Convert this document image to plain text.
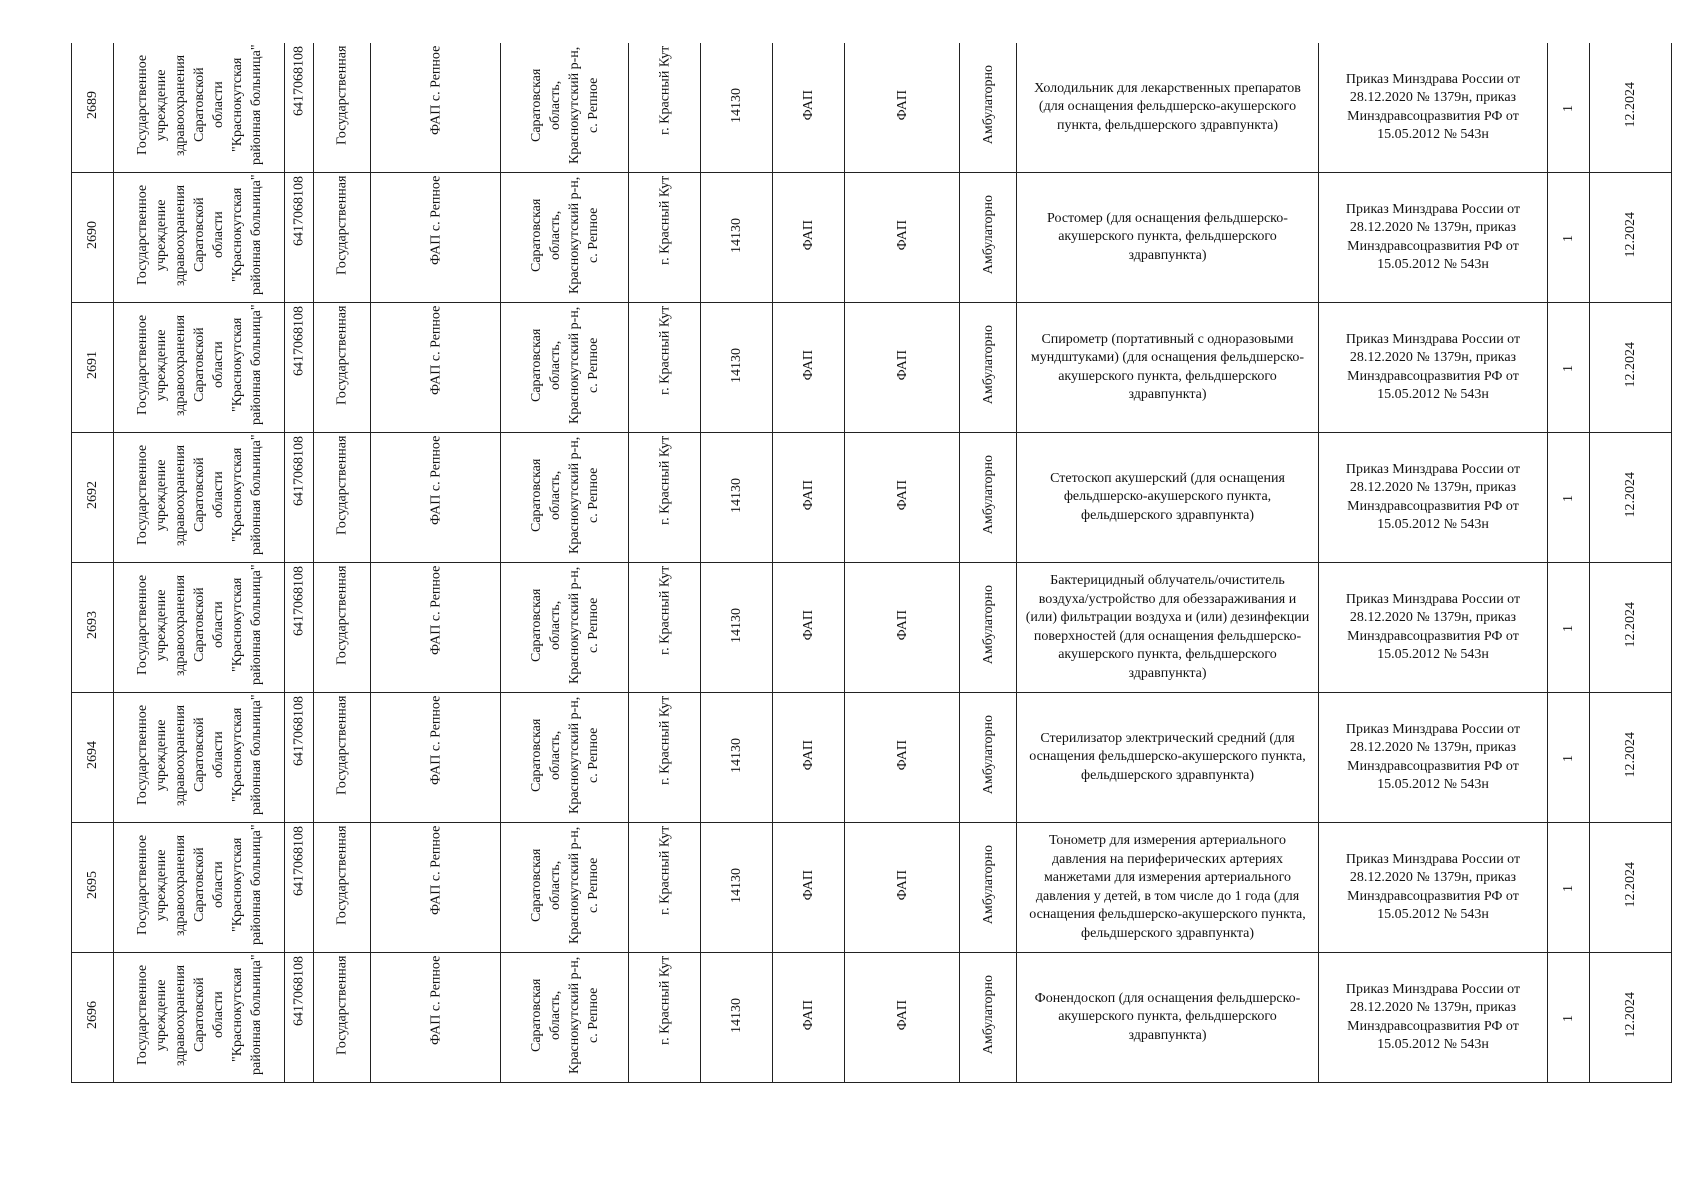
2689	Государственное учреждение здравоохранения Саратовской области "Краснокутская районная больница"	6417068108	Государственная	ФАП с. Репное	Саратовская область, Краснокутский р-н, с. Репное	г. Красный Кут	14130	ФАП	ФАП	Амбулаторно	Холодильник для лекарственных препаратов (для оснащения фельдшерско-акушерского пункта, фельдшерского здравпункта)	Приказ Минздрава России от 28.12.2020 № 1379н, приказ Минздравсоцразвития РФ от 15.05.2012 № 543н	1	12.2024
2690	Государственное учреждение здравоохранения Саратовской области "Краснокутская районная больница"	6417068108	Государственная	ФАП с. Репное	Саратовская область, Краснокутский р-н, с. Репное	г. Красный Кут	14130	ФАП	ФАП	Амбулаторно	Ростомер (для оснащения фельдшерско-акушерского пункта, фельдшерского здравпункта)	Приказ Минздрава России от 28.12.2020 № 1379н, приказ Минздравсоцразвития РФ от 15.05.2012 № 543н	1	12.2024
2691	Государственное учреждение здравоохранения Саратовской области "Краснокутская районная больница"	6417068108	Государственная	ФАП с. Репное	Саратовская область, Краснокутский р-н, с. Репное	г. Красный Кут	14130	ФАП	ФАП	Амбулаторно	Спирометр (портативный с одноразовыми мундштуками) (для оснащения фельдшерско-акушерского пункта, фельдшерского здравпункта)	Приказ Минздрава России от 28.12.2020 № 1379н, приказ Минздравсоцразвития РФ от 15.05.2012 № 543н	1	12.2024
2692	Государственное учреждение здравоохранения Саратовской области "Краснокутская районная больница"	6417068108	Государственная	ФАП с. Репное	Саратовская область, Краснокутский р-н, с. Репное	г. Красный Кут	14130	ФАП	ФАП	Амбулаторно	Стетоскоп акушерский (для оснащения фельдшерско-акушерского пункта, фельдшерского здравпункта)	Приказ Минздрава России от 28.12.2020 № 1379н, приказ Минздравсоцразвития РФ от 15.05.2012 № 543н	1	12.2024
2693	Государственное учреждение здравоохранения Саратовской области "Краснокутская районная больница"	6417068108	Государственная	ФАП с. Репное	Саратовская область, Краснокутский р-н, с. Репное	г. Красный Кут	14130	ФАП	ФАП	Амбулаторно	Бактерицидный облучатель/очиститель воздуха/устройство для обеззараживания и (или) фильтрации воздуха и (или) дезинфекции поверхностей (для оснащения фельдшерско-акушерского пункта, фельдшерского здравпункта)	Приказ Минздрава России от 28.12.2020 № 1379н, приказ Минздравсоцразвития РФ от 15.05.2012 № 543н	1	12.2024
2694	Государственное учреждение здравоохранения Саратовской области "Краснокутская районная больница"	6417068108	Государственная	ФАП с. Репное	Саратовская область, Краснокутский р-н, с. Репное	г. Красный Кут	14130	ФАП	ФАП	Амбулаторно	Стерилизатор электрический средний (для оснащения фельдшерско-акушерского пункта, фельдшерского здравпункта)	Приказ Минздрава России от 28.12.2020 № 1379н, приказ Минздравсоцразвития РФ от 15.05.2012 № 543н	1	12.2024
2695	Государственное учреждение здравоохранения Саратовской области "Краснокутская районная больница"	6417068108	Государственная	ФАП с. Репное	Саратовская область, Краснокутский р-н, с. Репное	г. Красный Кут	14130	ФАП	ФАП	Амбулаторно	Тонометр для измерения артериального давления на периферических артериях манжетами для измерения артериального давления у детей, в том числе до 1 года (для оснащения фельдшерско-акушерского пункта, фельдшерского здравпункта)	Приказ Минздрава России от 28.12.2020 № 1379н, приказ Минздравсоцразвития РФ от 15.05.2012 № 543н	1	12.2024
2696	Государственное учреждение здравоохранения Саратовской области "Краснокутская районная больница"	6417068108	Государственная	ФАП с. Репное	Саратовская область, Краснокутский р-н, с. Репное	г. Красный Кут	14130	ФАП	ФАП	Амбулаторно	Фонендоскоп (для оснащения фельдшерско-акушерского пункта, фельдшерского здравпункта)	Приказ Минздрава России от 28.12.2020 № 1379н, приказ Минздравсоцразвития РФ от 15.05.2012 № 543н	1	12.2024
